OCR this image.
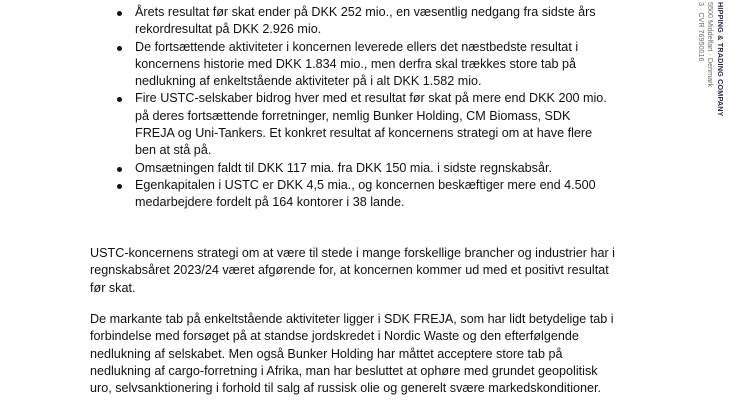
Årets resultat før skat ender på DKK 252 mio., en væsentlig nedgang fra sidste års rekordresultat på DKK 2.926 mio.
De fortsættende aktiviteter i koncernen leverede ellers det næstbedste resultat i koncernens historie med DKK 1.834 mio., men derfra skal trækkes store tab på nedlukning af enkeltstående aktiviteter på i alt DKK 1.582 mio.
Fire USTC-selskaber bidrog hver med et resultat før skat på mere end DKK 200 mio. på deres fortsættende forretninger, nemlig Bunker Holding, CM Biomass, SDK FREJA og Uni-Tankers. Et konkret resultat af koncernens strategi om at have flere ben at stå på.
Omsætningen faldt til DKK 117 mia. fra DKK 150 mia. i sidste regnskabsår.
Egenkapitalen i USTC er DKK 4,5 mia., og koncernen beskæftiger mere end 4.500 medarbejdere fordelt på 164 kontorer i 38 lande.

USTC-koncernens strategi om at være til stede i mange forskellige brancher og industrier har i regnskabsåret 2023/24 været afgørende for, at koncernen kommer ud med et positivt resultat før skat.

De markante tab på enkeltstående aktiviteter ligger i SDK FREJA, som har lidt betydelige tab i forbindelse med forsøget på at standse jordskredet i Nordic Waste og den efterfølgende nedlukning af selskabet. Men også Bunker Holding har måttet acceptere store tab på nedlukning af cargo-forretning i Afrika, man har besluttet at ophøre med grundet geopolitisk uro, selvsanktionering i forhold til salg af russisk olie og generelt svære markedskonditioner.

HIPPING & TRADING COMPANY
5500 Middelfart · Denmark
3 · CVR 76950016
